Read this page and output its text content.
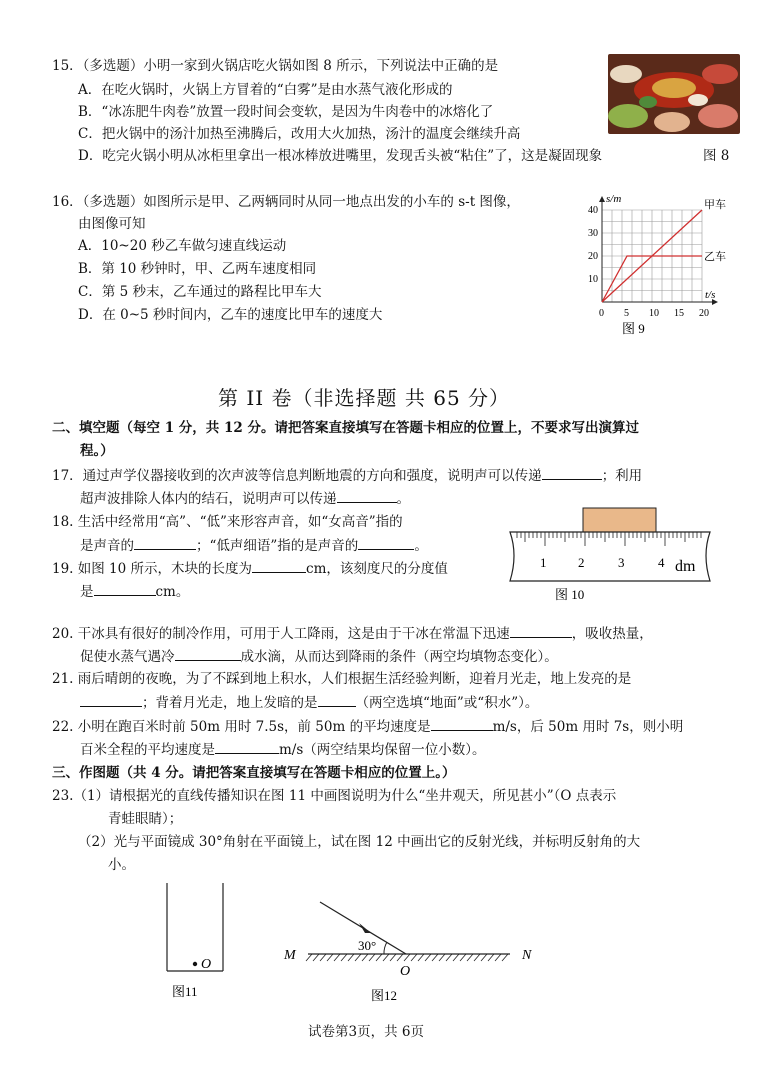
15．（多选题）小明一家到火锅店吃火锅如图 8 所示，下列说法中正确的是
A．在吃火锅时，火锅上方冒着的“白雾”是由水蒸气液化形成的
B．“冰冻肥牛肉卷”放置一段时间会变软，是因为牛肉卷中的冰熔化了
C．把火锅中的汤汁加热至沸腾后，改用大火加热，汤汁的温度会继续升高
D．吃完火锅小明从冰柜里拿出一根冰棒放进嘴里，发现舌头被“粘住”了，这是凝固现象	图 8
16．（多选题）如图所示是甲、乙两辆同时从同一地点出发的小车的 s-t 图像，
由图像可知
A．10~20 秒乙车做匀速直线运动
B．第 10 秒钟时，甲、乙两车速度相同
C．第 5 秒末，乙车通过的路程比甲车大
D．在 0~5 秒时间内，乙车的速度比甲车的速度大	0 5 10 15 20
10
20
30
40
s/m
t/s
甲车
乙车
图 9
第 II 卷（非选择题 共 65 分）
二、填空题（每空 1 分，共 12 分。请把答案直接填写在答题卡相应的位置上，不要求写出演算过
程。）
17．通过声学仪器接收到的次声波等信息判断地震的方向和强度，说明声可以传递	；利用
超声波排除人体内的结石，说明声可以传递	。
18. 生活中经常用“高”、“低”来形容声音，如“女高音”指的
是声音的	；“低声细语”指的是声音的	。
19. 如图 10 所示，木块的长度为	cm，该刻度尺的分度值
是	cm。
1 2	3	4 dm
图 10
20. 干冰具有很好的制冷作用，可用于人工降雨，这是由于干冰在常温下迅速	，吸收热量，
促使水蒸气遇冷	成水滴，从而达到降雨的条件（两空均填物态变化）。
21. 雨后晴朗的夜晚，为了不踩到地上积水，人们根据生活经验判断，迎着月光走，地上发亮的是
；背着月光走，地上发暗的是	（两空选填“地面”或“积水”）。
22. 小明在跑百米时前 50m 用时 7.5s，前 50m 的平均速度是	m/s，后 50m 用时 7s，则小明
百米全程的平均速度是	m/s（两空结果均保留一位小数）。
三、作图题（共 4 分。请把答案直接填写在答题卡相应的位置上。）
23.（1）请根据光的直线传播知识在图 11 中画图说明为什么“坐井观天，所见甚小”（O 点表示
青蛙眼睛）；
（2）光与平面镜成 30°角射在平面镜上，试在图 12 中画出它的反射光线，并标明反射角的大
小。
O
图11
30°
M	N
O
图12
试卷第3页，共 6页
